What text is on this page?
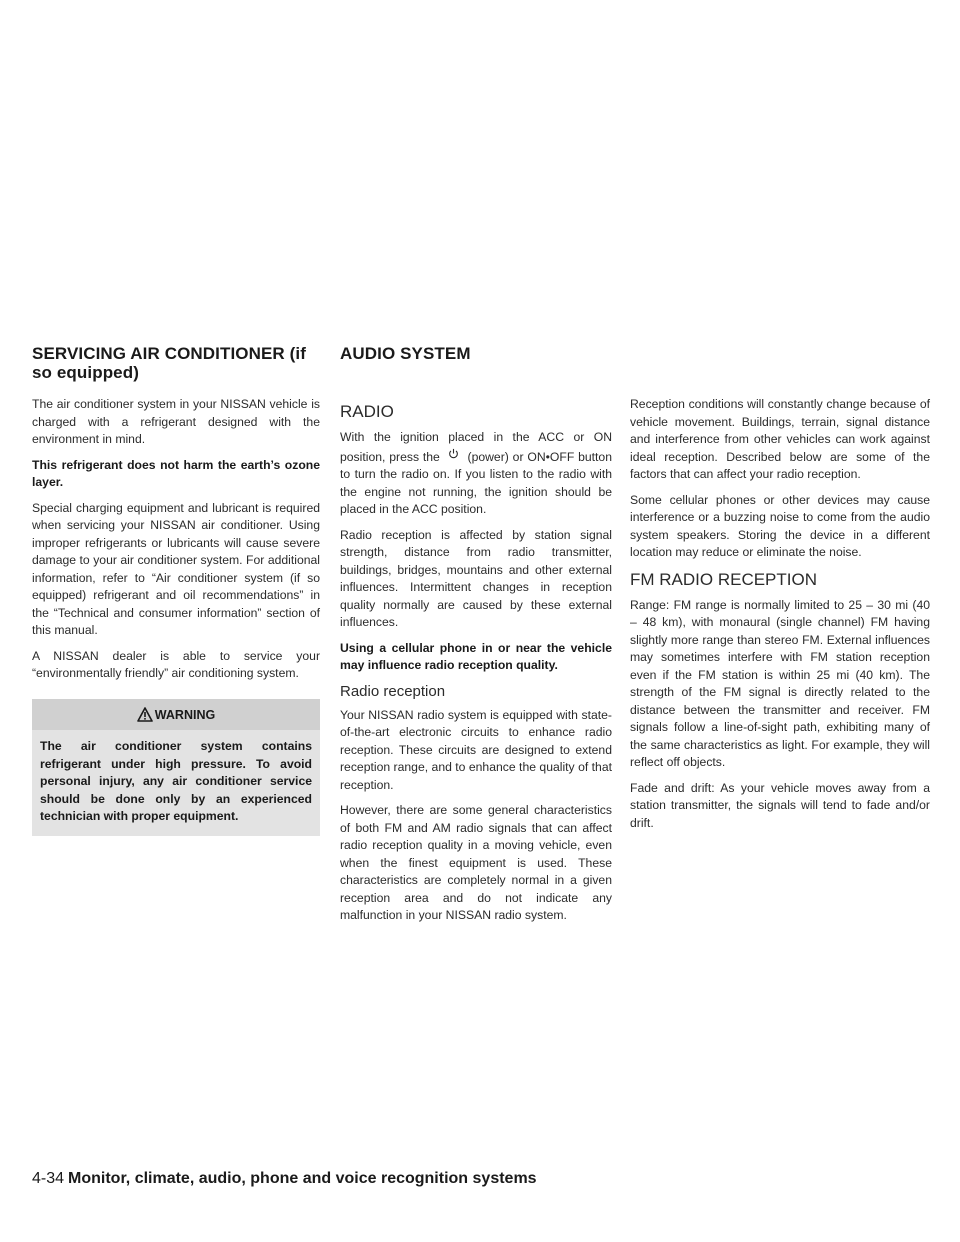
SERVICING AIR CONDITIONER (if so equipped)
AUDIO SYSTEM

The air conditioner system in your NISSAN vehicle is charged with a refrigerant designed with the environment in mind.

This refrigerant does not harm the earth’s ozone layer.

Special charging equipment and lubricant is required when servicing your NISSAN air conditioner. Using improper refrigerants or lubricants will cause severe damage to your air conditioner system. For additional information, refer to “Air conditioner system (if so equipped) refrigerant and oil recommendations” in the “Technical and consumer information” section of this manual.

A NISSAN dealer is able to service your “environmentally friendly” air conditioning system.

WARNING
The air conditioner system contains refrigerant under high pressure. To avoid personal injury, any air conditioner service should be done only by an experienced technician with proper equipment.
RADIO

With the ignition placed in the ACC or ON position, press the (power) or ON•OFF button to turn the radio on. If you listen to the radio with the engine not running, the ignition should be placed in the ACC position.

Radio reception is affected by station signal strength, distance from radio transmitter, buildings, bridges, mountains and other external influences. Intermittent changes in reception quality normally are caused by these external influences.

Using a cellular phone in or near the vehicle may influence radio reception quality.

Radio reception

Your NISSAN radio system is equipped with state-of-the-art electronic circuits to enhance radio reception. These circuits are designed to extend reception range, and to enhance the quality of that reception.

However, there are some general characteristics of both FM and AM radio signals that can affect radio reception quality in a moving vehicle, even when the finest equipment is used. These characteristics are completely normal in a given reception area and do not indicate any malfunction in your NISSAN radio system.

Reception conditions will constantly change because of vehicle movement. Buildings, terrain, signal distance and interference from other vehicles can work against ideal reception. Described below are some of the factors that can affect your radio reception.

Some cellular phones or other devices may cause interference or a buzzing noise to come from the audio system speakers. Storing the device in a different location may reduce or eliminate the noise.

FM RADIO RECEPTION

Range: FM range is normally limited to 25 – 30 mi (40 – 48 km), with monaural (single channel) FM having slightly more range than stereo FM. External influences may sometimes interfere with FM station reception even if the FM station is within 25 mi (40 km). The strength of the FM signal is directly related to the distance between the transmitter and receiver. FM signals follow a line-of-sight path, exhibiting many of the same characteristics as light. For example, they will reflect off objects.

Fade and drift: As your vehicle moves away from a station transmitter, the signals will tend to fade and/or drift.

4-34 Monitor, climate, audio, phone and voice recognition systems
